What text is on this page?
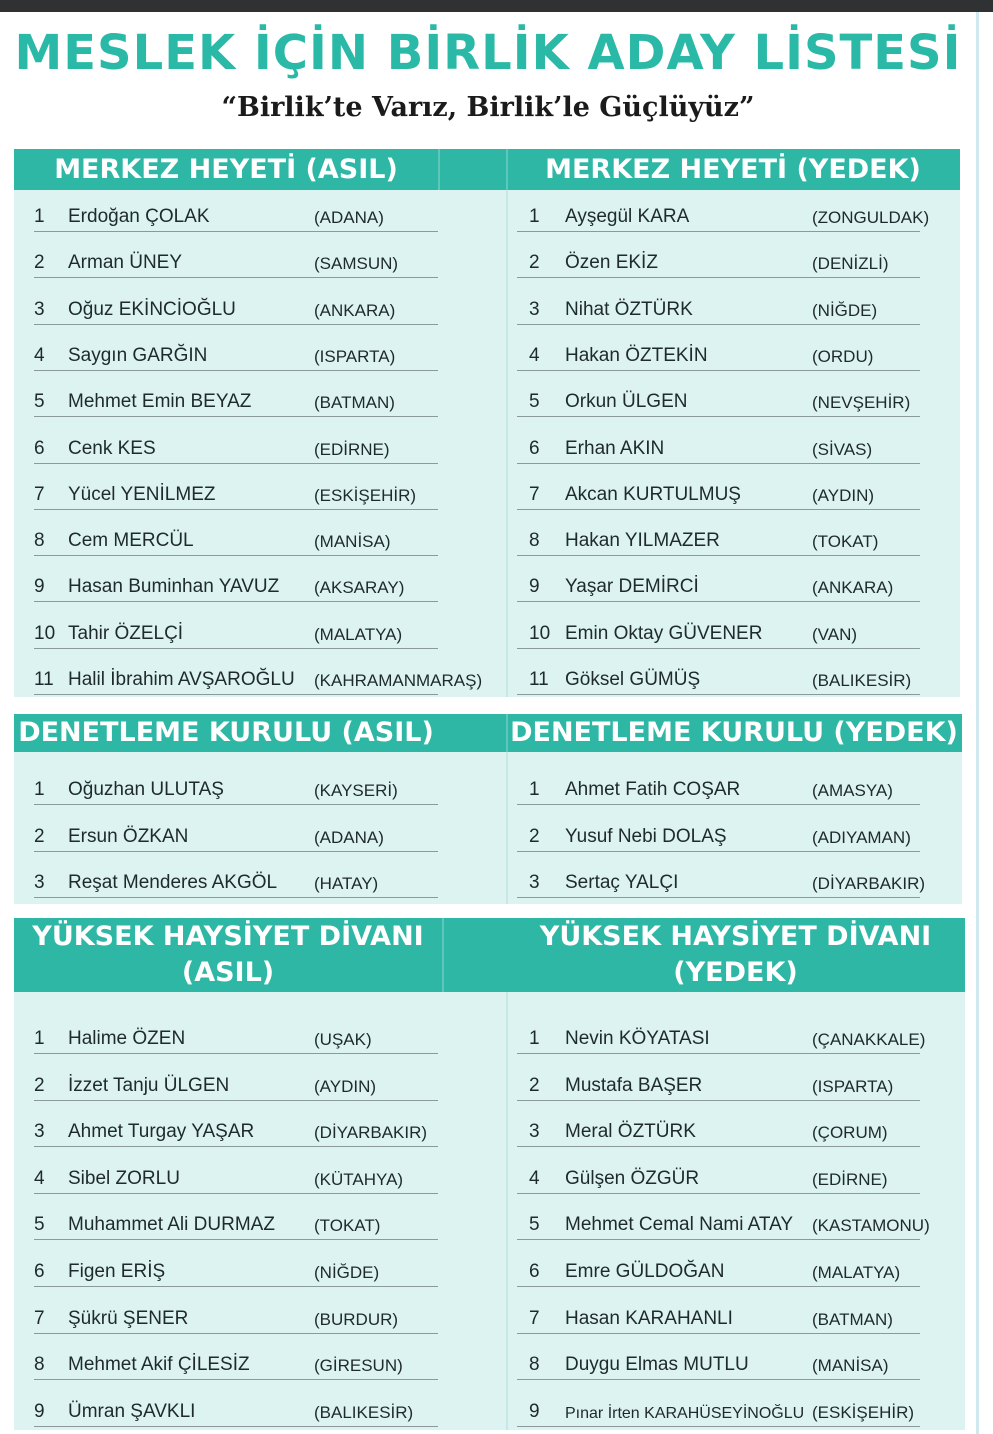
MESLEK İÇİN BİRLİK ADAY LİSTESİ
“Birlik’te Varız, Birlik’le Güçlüyüz”
MERKEZ HEYETİ (ASIL)	MERKEZ HEYETİ (YEDEK)
1 Erdoğan ÇOLAK	(ADANA)
2 Arman ÜNEY	(SAMSUN)
3 Oğuz EKİNCİOĞLU	(ANKARA)
4 Saygın GARĞIN	(ISPARTA)
5 Mehmet Emin BEYAZ	(BATMAN)
6 Cenk KES	(EDİRNE)
7 Yücel YENİLMEZ	(ESKİŞEHİR)
8 Cem MERCÜL	(MANİSA)
9 Hasan Buminhan YAVUZ (AKSARAY)
10 Tahir ÖZELÇİ	(MALATYA)
11 Halil İbrahim AVŞAROĞLU (KAHRAMANMARAŞ)
1 Ayşegül KARA	(ZONGULDAK)
2 Özen EKİZ	(DENİZLİ)
3 Nihat ÖZTÜRK	(NİĞDE)
4 Hakan ÖZTEKİN	(ORDU)
5 Orkun ÜLGEN	(NEVŞEHİR)
6 Erhan AKIN	(SİVAS)
7 Akcan KURTULMUŞ	(AYDIN)
8 Hakan YILMAZER	(TOKAT)
9 Yaşar DEMİRCİ	(ANKARA)
10 Emin Oktay GÜVENER	(VAN)
11 Göksel GÜMÜŞ	(BALIKESİR)
DENETLEME KURULU (ASIL)	DENETLEME KURULU (YEDEK)
1 Oğuzhan ULUTAŞ	(KAYSERİ)
2 Ersun ÖZKAN	(ADANA)
3 Reşat Menderes AKGÖL (HATAY)
1 Ahmet Fatih COŞAR	(AMASYA)
2 Yusuf Nebi DOLAŞ	(ADIYAMAN)
3 Sertaç YALÇI	(DİYARBAKIR)
YÜKSEK HAYSİYET DİVANI
(ASIL)
YÜKSEK HAYSİYET DİVANI
(YEDEK)
1 Halime ÖZEN	(UŞAK)
2 İzzet Tanju ÜLGEN	(AYDIN)
3 Ahmet Turgay YAŞAR	(DİYARBAKIR)
4 Sibel ZORLU	(KÜTAHYA)
5 Muhammet Ali DURMAZ (TOKAT)
6 Figen ERİŞ	(NİĞDE)
7 Şükrü ŞENER	(BURDUR)
8 Mehmet Akif ÇİLESİZ	(GİRESUN)
9 Ümran ŞAVKLI	(BALIKESİR)
1 Nevin KÖYATASI	(ÇANAKKALE)
2 Mustafa BAŞER	(ISPARTA)
3 Meral ÖZTÜRK	(ÇORUM)
4 Gülşen ÖZGÜR	(EDİRNE)
5 Mehmet Cemal Nami ATAY (KASTAMONU)
6 Emre GÜLDOĞAN	(MALATYA)
7 Hasan KARAHANLI	(BATMAN)
8 Duygu Elmas MUTLU	(MANİSA)
9 Pınar İrten KARAHÜSEYİNOĞLU (ESKİŞEHİR)
